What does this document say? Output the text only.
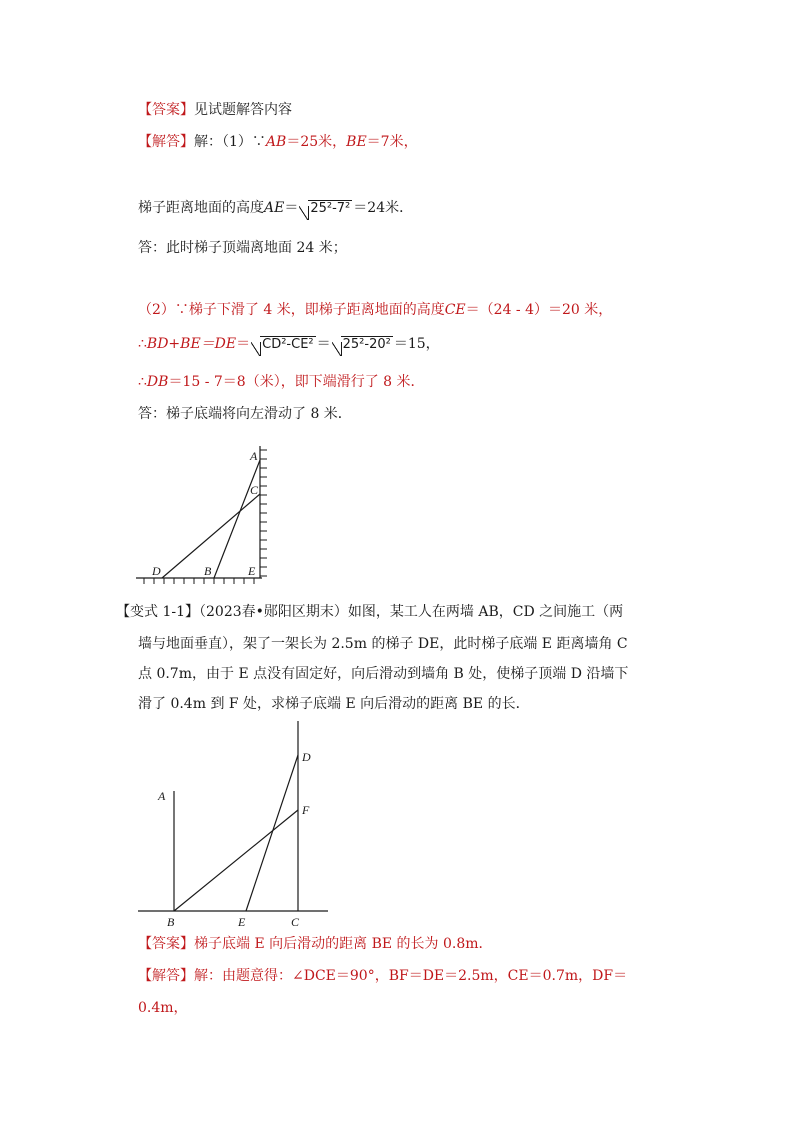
【答案】见试题解答内容
【解答】解：（1）∵AB＝25米，BE＝7米，
梯子距离地面的高度AE＝ 25²-7² ＝24米．
答：此时梯子顶端离地面 24 米；
（2）∵梯子下滑了 4 米，即梯子距离地面的高度CE＝（24 - 4）＝20 米，
∴BD+BE＝DE＝ CD²-CE² ＝ 25²-20² ＝15，
∴DB＝15 - 7＝8（米），即下端滑行了 8 米．
答：梯子底端将向左滑动了 8 米．
A
C
D	B	E
【变式 1-1】（2023春•郧阳区期末）如图，某工人在两墙 AB，CD 之间施工（两
墙与地面垂直），架了一架长为 2.5m 的梯子 DE，此时梯子底端 E 距离墙角 C
点 0.7m，由于 E 点没有固定好，向后滑动到墙角 B 处，使梯子顶端 D 沿墙下
滑了 0.4m 到 F 处，求梯子底端 E 向后滑动的距离 BE 的长．
A
D
F
B	E	C
【答案】梯子底端 E 向后滑动的距离 BE 的长为 0.8m．
【解答】解：由题意得：∠DCE＝90°，BF＝DE＝2.5m，CE＝0.7m，DF＝
0.4m，
